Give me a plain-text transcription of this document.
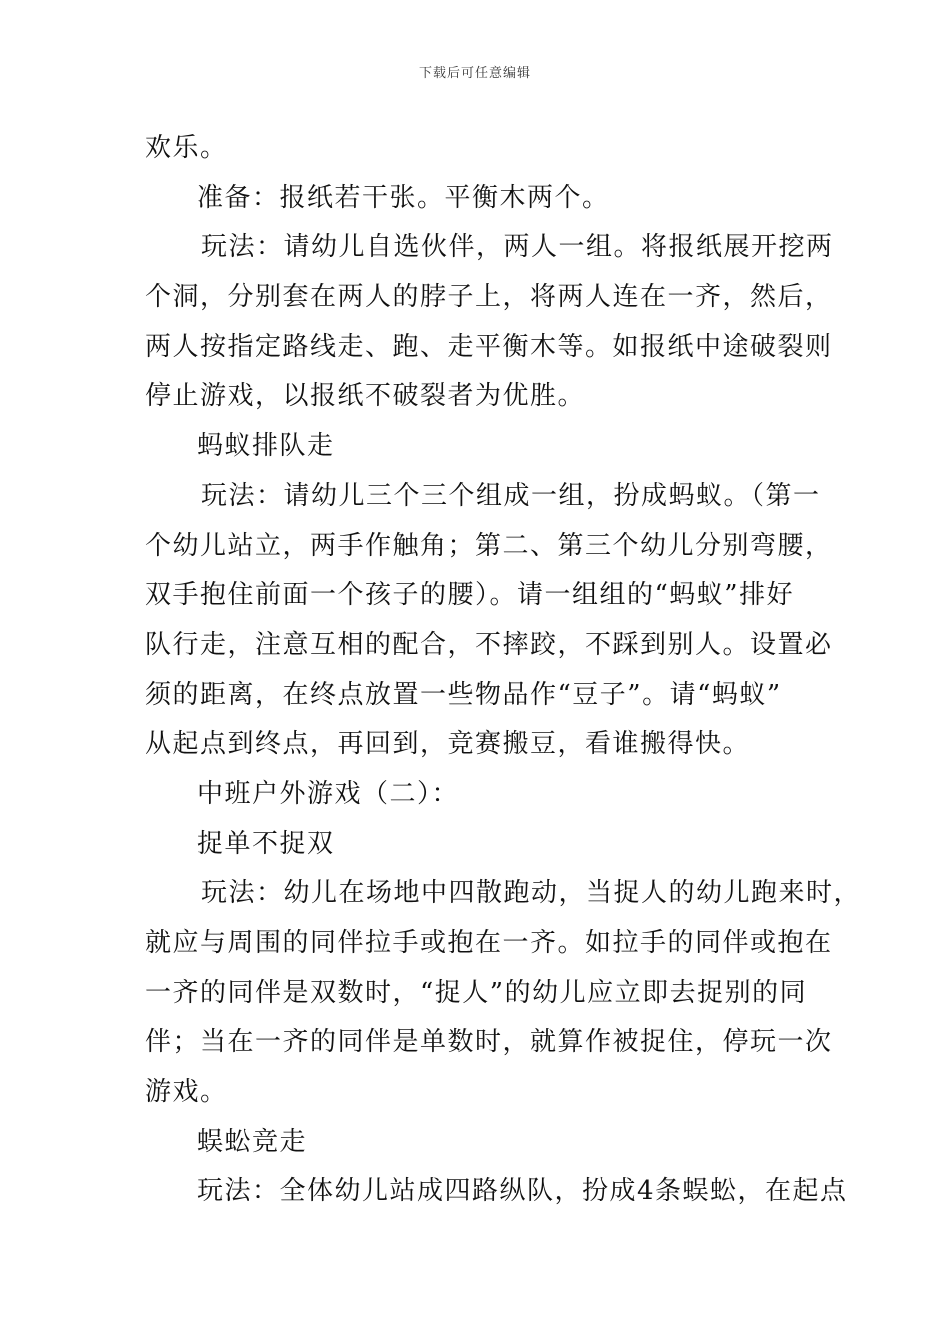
下载后可任意编辑
欢乐。
准备：报纸若干张。平衡木两个。
玩法：请幼儿自选伙伴，两人一组。将报纸展开挖两
个洞，分别套在两人的脖子上，将两人连在一齐，然后，
两人按指定路线走、跑、走平衡木等。如报纸中途破裂则
停止游戏，以报纸不破裂者为优胜。
蚂蚁排队走
玩法：请幼儿三个三个组成一组，扮成蚂蚁。（第一
个幼儿站立，两手作触角；第二、第三个幼儿分别弯腰，
双手抱住前面一个孩子的腰）。请一组组的“蚂蚁”排好
队行走，注意互相的配合，不摔跤，不踩到别人。设置必
须的距离，在终点放置一些物品作“豆子”。请“蚂蚁”
从起点到终点，再回到，竞赛搬豆，看谁搬得快。
中班户外游戏（二）：
捉单不捉双
玩法：幼儿在场地中四散跑动，当捉人的幼儿跑来时，
就应与周围的同伴拉手或抱在一齐。如拉手的同伴或抱在
一齐的同伴是双数时，“捉人”的幼儿应立即去捉别的同
伴；当在一齐的同伴是单数时，就算作被捉住，停玩一次
游戏。
蜈蚣竞走
玩法：全体幼儿站成四路纵队，扮成4条蜈蚣，在起点
